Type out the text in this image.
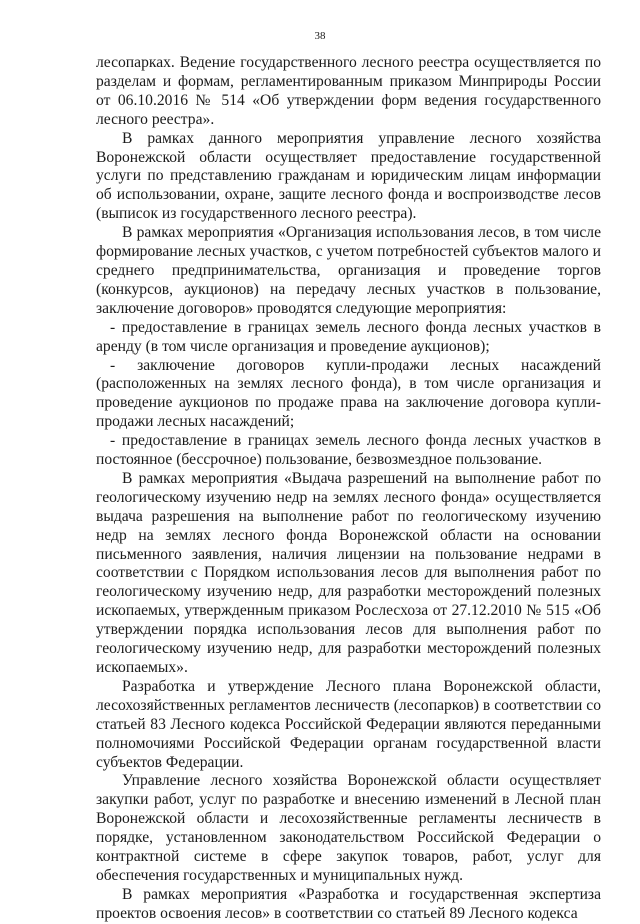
38

лесопарках. Ведение государственного лесного реестра осуществляется по разделам и формам, регламентированным приказом Минприроды России от 06.10.2016 № 514 «Об утверждении форм ведения государственного лесного реестра».

В рамках данного мероприятия управление лесного хозяйства Воронежской области осуществляет предоставление государственной услуги по представлению гражданам и юридическим лицам информации об использовании, охране, защите лесного фонда и воспроизводстве лесов (выписок из государственного лесного реестра).

В рамках мероприятия «Организация использования лесов, в том числе формирование лесных участков, с учетом потребностей субъектов малого и среднего предпринимательства, организация и проведение торгов (конкурсов, аукционов) на передачу лесных участков в пользование, заключение договоров» проводятся следующие мероприятия:

- предоставление в границах земель лесного фонда лесных участков в аренду (в том числе организация и проведение аукционов);

- заключение договоров купли-продажи лесных насаждений (расположенных на землях лесного фонда), в том числе организация и проведение аукционов по продаже права на заключение договора купли-продажи лесных насаждений;

- предоставление в границах земель лесного фонда лесных участков в постоянное (бессрочное) пользование, безвозмездное пользование.

В рамках мероприятия «Выдача разрешений на выполнение работ по геологическому изучению недр на землях лесного фонда» осуществляется выдача разрешения на выполнение работ по геологическому изучению недр на землях лесного фонда Воронежской области на основании письменного заявления, наличия лицензии на пользование недрами в соответствии с Порядком использования лесов для выполнения работ по геологическому изучению недр, для разработки месторождений полезных ископаемых, утвержденным приказом Рослесхоза от 27.12.2010 № 515 «Об утверждении порядка использования лесов для выполнения работ по геологическому изучению недр, для разработки месторождений полезных ископаемых».

Разработка и утверждение Лесного плана Воронежской области, лесохозяйственных регламентов лесничеств (лесопарков) в соответствии со статьей 83 Лесного кодекса Российской Федерации являются переданными полномочиями Российской Федерации органам государственной власти субъектов Федерации.

Управление лесного хозяйства Воронежской области осуществляет закупки работ, услуг по разработке и внесению изменений в Лесной план Воронежской области и лесохозяйственные регламенты лесничеств в порядке, установленном законодательством Российской Федерации о контрактной системе в сфере закупок товаров, работ, услуг для обеспечения государственных и муниципальных нужд.

В рамках мероприятия «Разработка и государственная экспертиза проектов освоения лесов» в соответствии со статьей 89 Лесного кодекса
